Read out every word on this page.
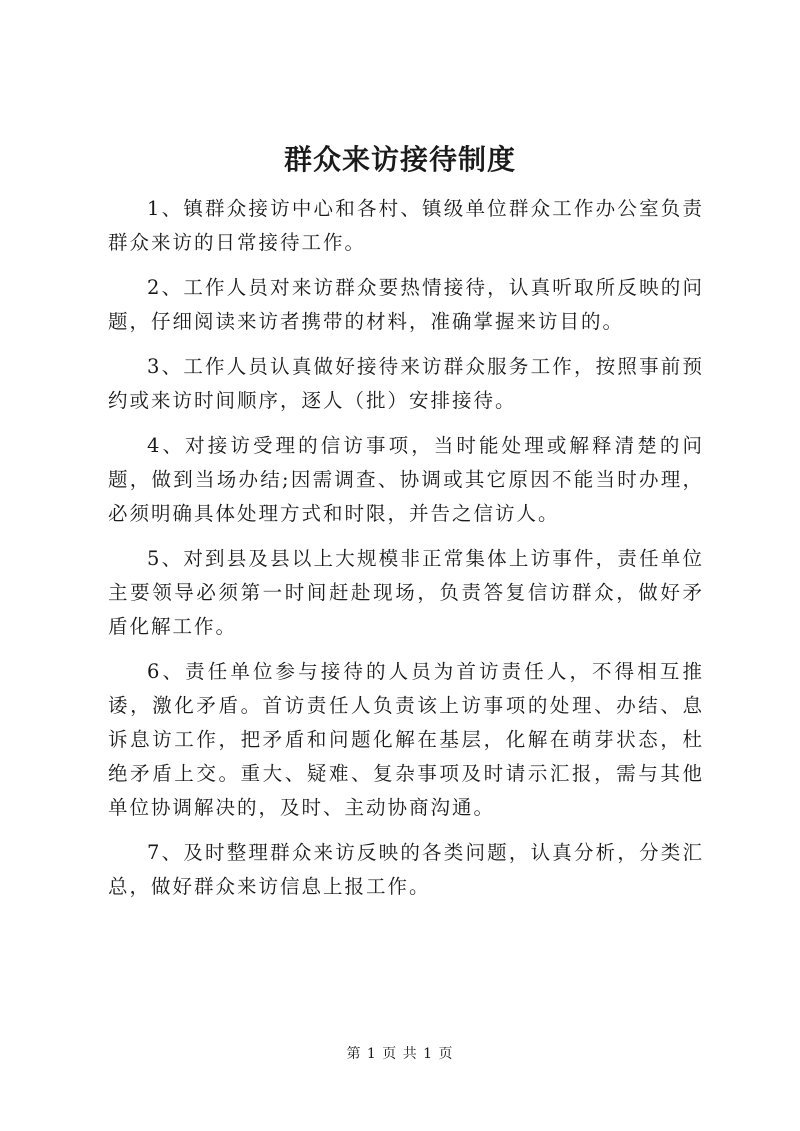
群众来访接待制度

1、镇群众接访中心和各村、镇级单位群众工作办公室负责群众来访的日常接待工作。

2、工作人员对来访群众要热情接待，认真听取所反映的问题，仔细阅读来访者携带的材料，准确掌握来访目的。

3、工作人员认真做好接待来访群众服务工作，按照事前预约或来访时间顺序，逐人（批）安排接待。

4、对接访受理的信访事项，当时能处理或解释清楚的问题，做到当场办结;因需调查、协调或其它原因不能当时办理，必须明确具体处理方式和时限，并告之信访人。

5、对到县及县以上大规模非正常集体上访事件，责任单位主要领导必须第一时间赶赴现场，负责答复信访群众，做好矛盾化解工作。

6、责任单位参与接待的人员为首访责任人，不得相互推诿，激化矛盾。首访责任人负责该上访事项的处理、办结、息诉息访工作，把矛盾和问题化解在基层，化解在萌芽状态，杜绝矛盾上交。重大、疑难、复杂事项及时请示汇报，需与其他单位协调解决的，及时、主动协商沟通。

7、及时整理群众来访反映的各类问题，认真分析，分类汇总，做好群众来访信息上报工作。

第 1 页 共 1 页
